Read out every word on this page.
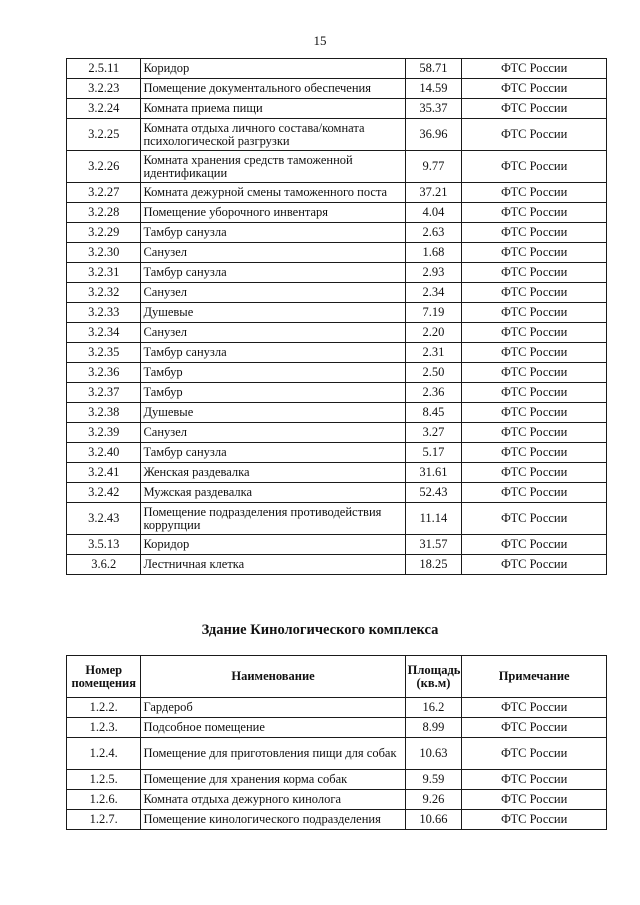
15
2.5.11	Коридор	58.71	ФТС России
3.2.23	Помещение документального обеспечения	14.59	ФТС России
3.2.24	Комната приема пищи	35.37	ФТС России
3.2.25	Комната отдыха личного состава/комната психологической разгрузки	36.96	ФТС России
3.2.26	Комната хранения средств таможенной идентификации	9.77	ФТС России
3.2.27	Комната дежурной смены таможенного поста	37.21	ФТС России
3.2.28	Помещение уборочного инвентаря	4.04	ФТС России
3.2.29	Тамбур санузла	2.63	ФТС России
3.2.30	Санузел	1.68	ФТС России
3.2.31	Тамбур санузла	2.93	ФТС России
3.2.32	Санузел	2.34	ФТС России
3.2.33	Душевые	7.19	ФТС России
3.2.34	Санузел	2.20	ФТС России
3.2.35	Тамбур санузла	2.31	ФТС России
3.2.36	Тамбур	2.50	ФТС России
3.2.37	Тамбур	2.36	ФТС России
3.2.38	Душевые	8.45	ФТС России
3.2.39	Санузел	3.27	ФТС России
3.2.40	Тамбур санузла	5.17	ФТС России
3.2.41	Женская раздевалка	31.61	ФТС России
3.2.42	Мужская раздевалка	52.43	ФТС России
3.2.43	Помещение подразделения противодействия коррупции	11.14	ФТС России
3.5.13	Коридор	31.57	ФТС России
3.6.2	Лестничная клетка	18.25	ФТС России
Здание Кинологического комплекса
Номер помещения	Наименование	Площадь (кв.м)	Примечание
1.2.2.	Гардероб	16.2	ФТС России
1.2.3.	Подсобное помещение	8.99	ФТС России
1.2.4.	Помещение для приготовления пищи для собак	10.63	ФТС России
1.2.5.	Помещение для хранения корма собак	9.59	ФТС России
1.2.6.	Комната отдыха дежурного кинолога	9.26	ФТС России
1.2.7.	Помещение кинологического подразделения	10.66	ФТС России
